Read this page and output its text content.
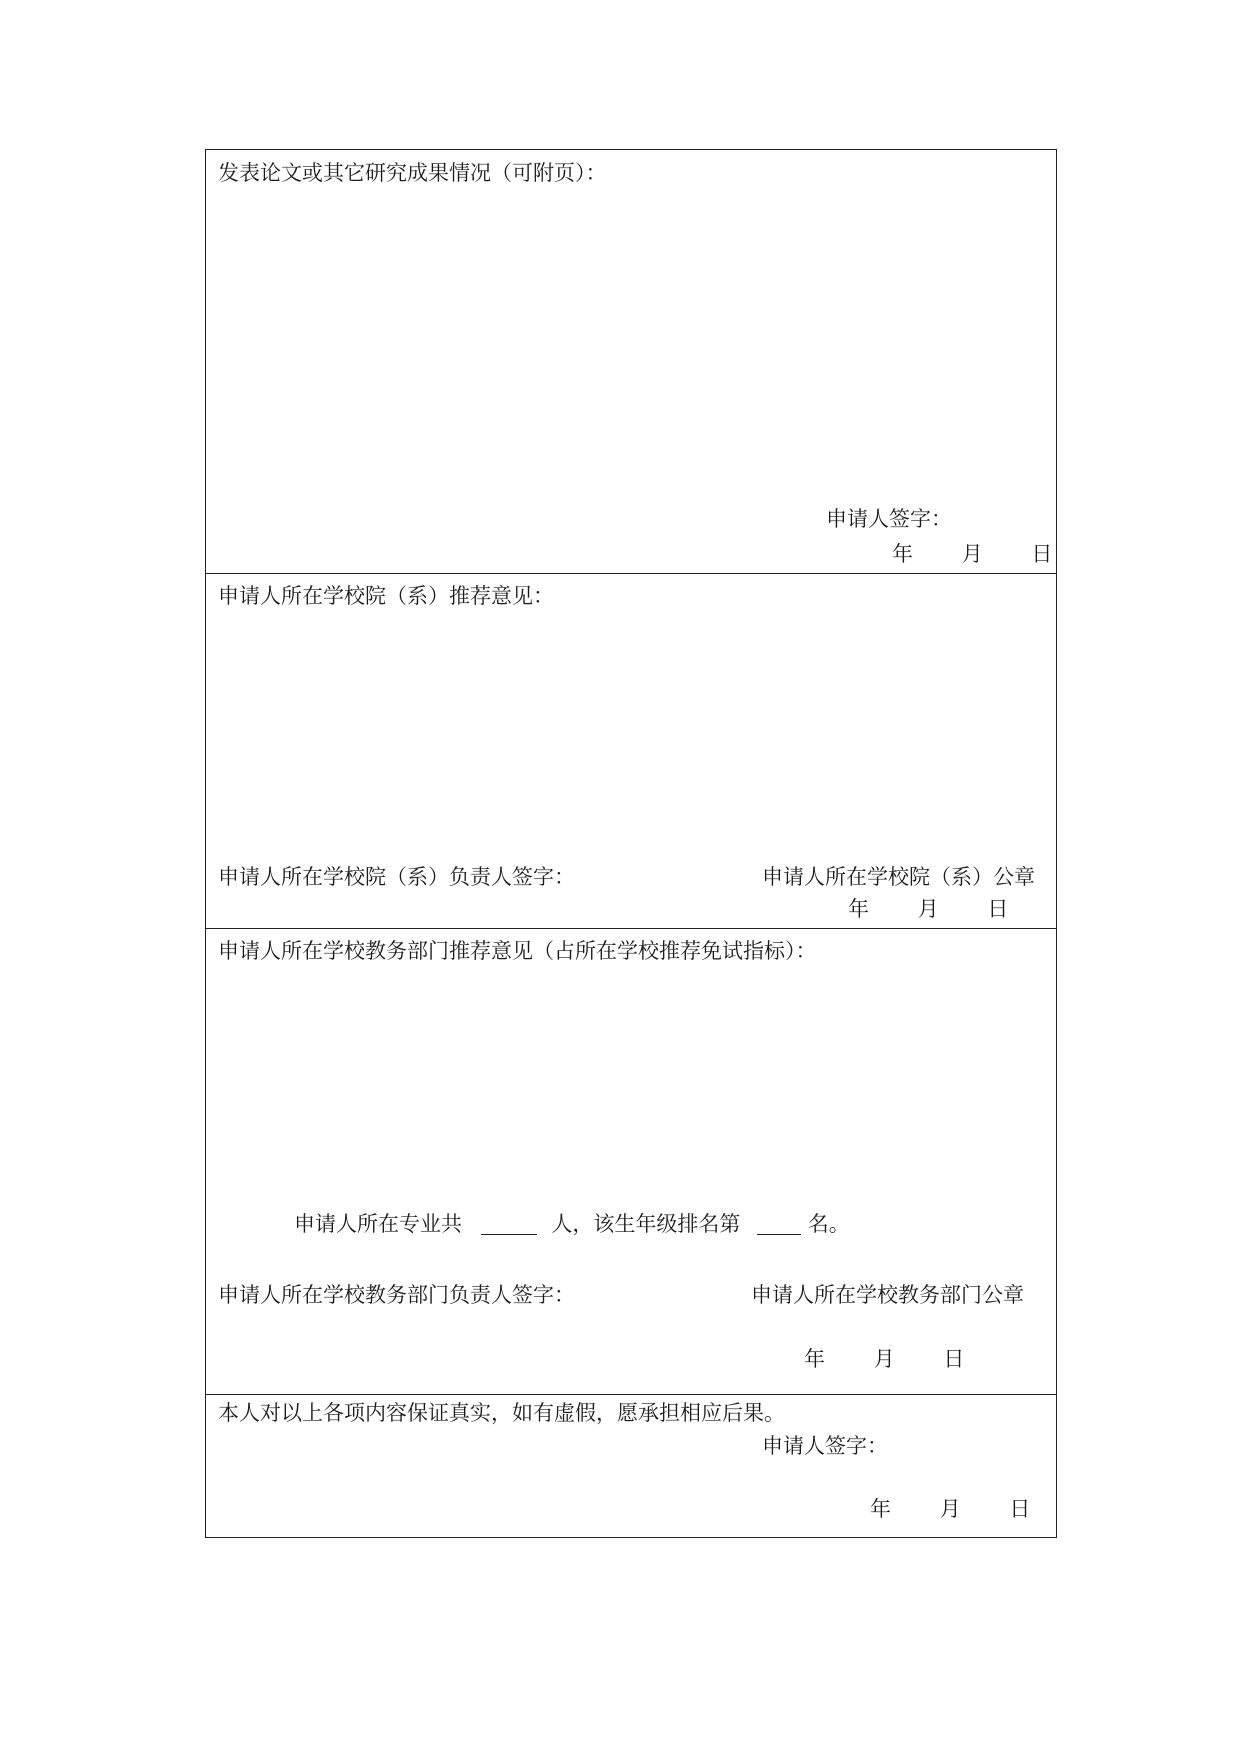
发表论文或其它研究成果情况（可附页）：
申请人签字：
年 月 日
申请人所在学校院（系）推荐意见：
申请人所在学校院（系）负责人签字：	申请人所在学校院（系）公章
年 月 日
申请人所在学校教务部门推荐意见（占所在学校推荐免试指标）：
申请人所在专业共	人，该生年级排名第	名。
申请人所在学校教务部门负责人签字：	申请人所在学校教务部门公章
年 月 日
本人对以上各项内容保证真实，如有虚假，愿承担相应后果。
申请人签字：
年 月 日
